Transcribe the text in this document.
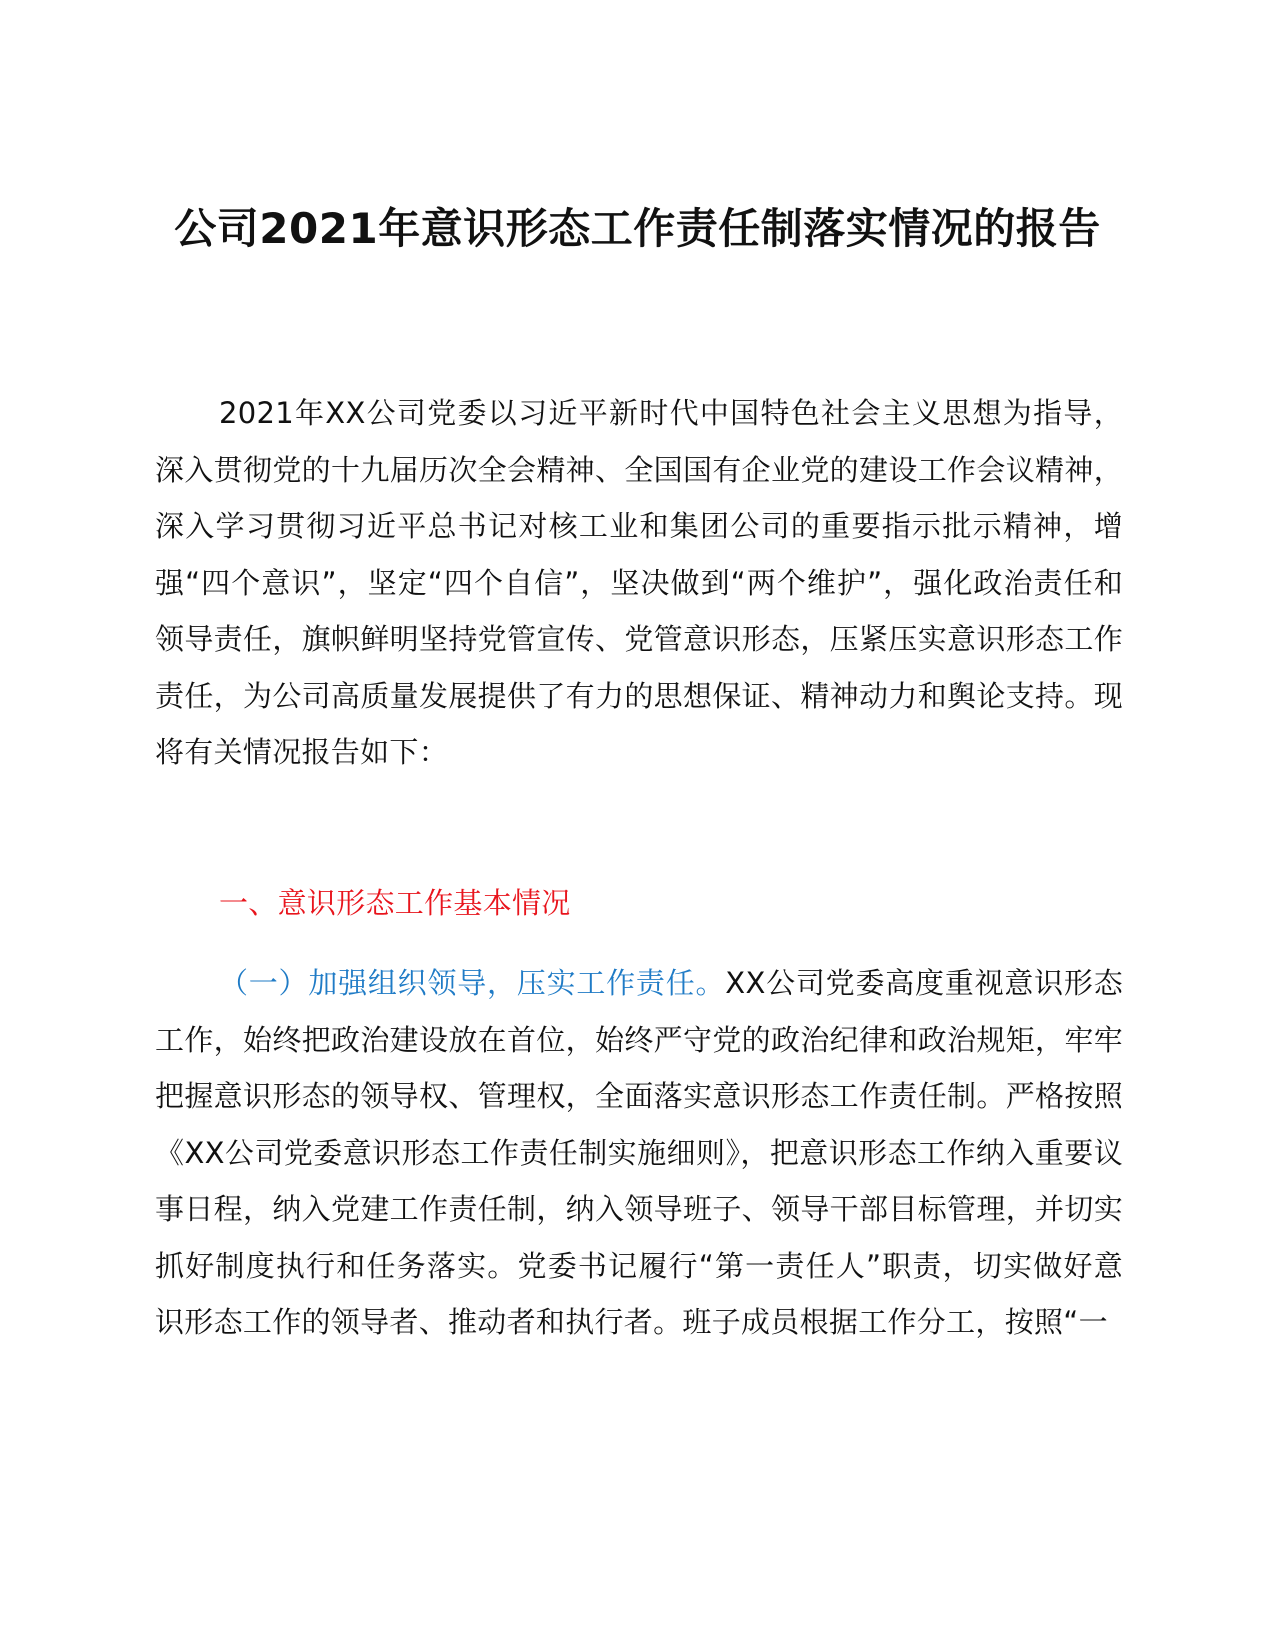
公司2021年意识形态工作责任制落实情况的报告

2021年XX公司党委以习近平新时代中国特色社会主义思想为指导，深入贯彻党的十九届历次全会精神、全国国有企业党的建设工作会议精神，深入学习贯彻习近平总书记对核工业和集团公司的重要指示批示精神，增强“四个意识”，坚定“四个自信”，坚决做到“两个维护”，强化政治责任和领导责任，旗帜鲜明坚持党管宣传、党管意识形态，压紧压实意识形态工作责任，为公司高质量发展提供了有力的思想保证、精神动力和舆论支持。现将有关情况报告如下：

一、意识形态工作基本情况

（一）加强组织领导，压实工作责任。XX公司党委高度重视意识形态工作，始终把政治建设放在首位，始终严守党的政治纪律和政治规矩，牢牢把握意识形态的领导权、管理权，全面落实意识形态工作责任制。严格按照《XX公司党委意识形态工作责任制实施细则》，把意识形态工作纳入重要议事日程，纳入党建工作责任制，纳入领导班子、领导干部目标管理，并切实抓好制度执行和任务落实。党委书记履行“第一责任人”职责，切实做好意识形态工作的领导者、推动者和执行者。班子成员根据工作分工，按照“一
